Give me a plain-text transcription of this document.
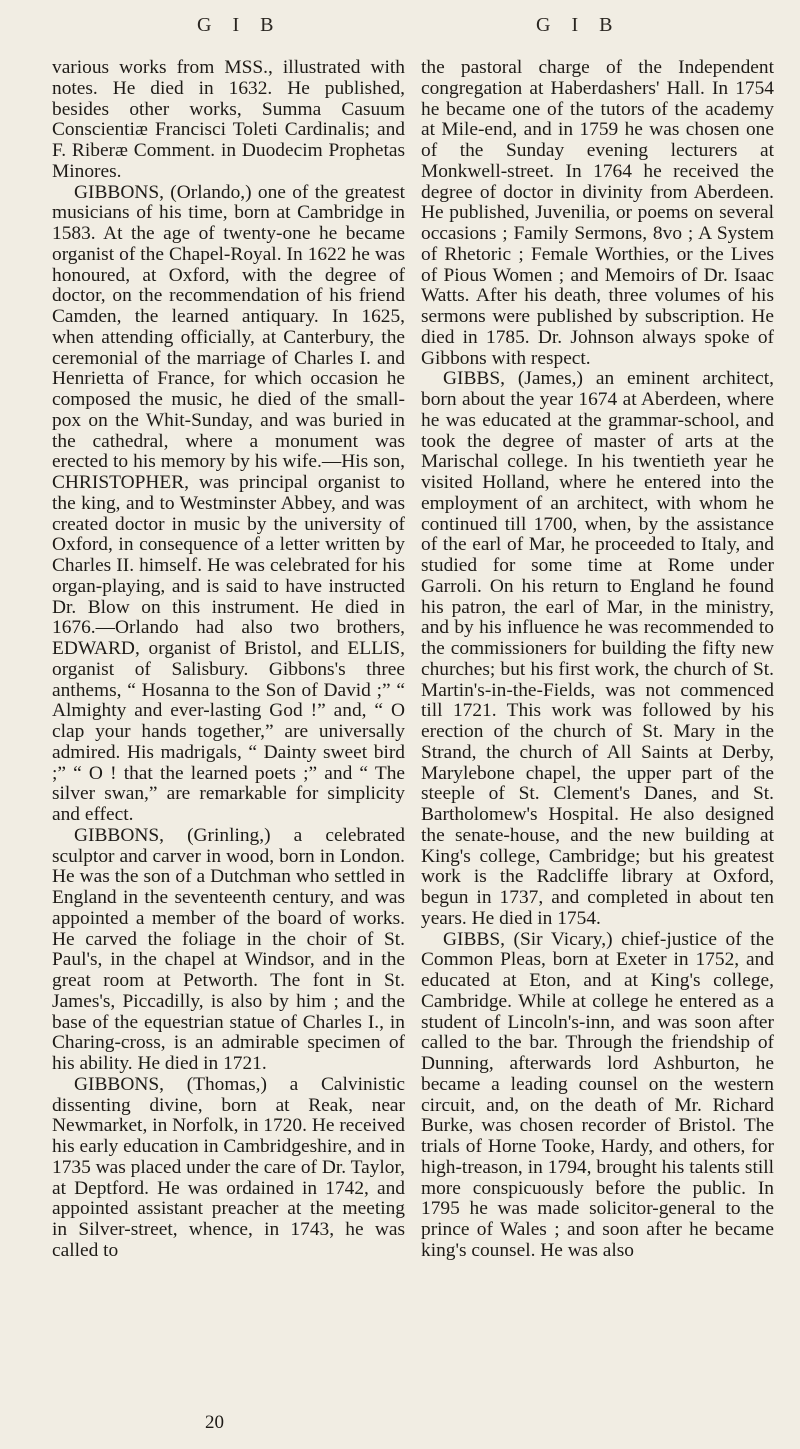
G I B	G I B

various works from MSS., illustrated with notes. He died in 1632. He published, besides other works, Summa Casuum Conscientiæ Francisci Toleti Cardinalis; and F. Riberæ Comment. in Duodecim Prophetas Minores.

GIBBONS, (Orlando,) one of the greatest musicians of his time, born at Cambridge in 1583. At the age of twenty-one he became organist of the Chapel-Royal. In 1622 he was honoured, at Oxford, with the degree of doctor, on the recommendation of his friend Camden, the learned antiquary. In 1625, when attending officially, at Canterbury, the ceremonial of the marriage of Charles I. and Henrietta of France, for which occasion he composed the music, he died of the small-pox on the Whit-Sunday, and was buried in the cathedral, where a monument was erected to his memory by his wife.—His son, CHRISTOPHER, was principal organist to the king, and to Westminster Abbey, and was created doctor in music by the university of Oxford, in consequence of a letter written by Charles II. himself. He was celebrated for his organ-playing, and is said to have instructed Dr. Blow on this instrument. He died in 1676.—Orlando had also two brothers, EDWARD, organist of Bristol, and ELLIS, organist of Salisbury. Gibbons's three anthems, “ Hosanna to the Son of David ;” “ Almighty and ever-lasting God !” and, “ O clap your hands together,” are universally admired. His madrigals, “ Dainty sweet bird ;” “ O ! that the learned poets ;” and “ The silver swan,” are remarkable for simplicity and effect.

GIBBONS, (Grinling,) a celebrated sculptor and carver in wood, born in London. He was the son of a Dutchman who settled in England in the seventeenth century, and was appointed a member of the board of works. He carved the foliage in the choir of St. Paul's, in the chapel at Windsor, and in the great room at Petworth. The font in St. James's, Piccadilly, is also by him ; and the base of the equestrian statue of Charles I., in Charing-cross, is an admirable specimen of his ability. He died in 1721.

GIBBONS, (Thomas,) a Calvinistic dissenting divine, born at Reak, near Newmarket, in Norfolk, in 1720. He received his early education in Cambridgeshire, and in 1735 was placed under the care of Dr. Taylor, at Deptford. He was ordained in 1742, and appointed assistant preacher at the meeting in Silver-street, whence, in 1743, he was called to

the pastoral charge of the Independent congregation at Haberdashers' Hall. In 1754 he became one of the tutors of the academy at Mile-end, and in 1759 he was chosen one of the Sunday evening lecturers at Monkwell-street. In 1764 he received the degree of doctor in divinity from Aberdeen. He published, Juvenilia, or poems on several occasions ; Family Sermons, 8vo ; A System of Rhetoric ; Female Worthies, or the Lives of Pious Women ; and Memoirs of Dr. Isaac Watts. After his death, three volumes of his sermons were published by subscription. He died in 1785. Dr. Johnson always spoke of Gibbons with respect.

GIBBS, (James,) an eminent architect, born about the year 1674 at Aberdeen, where he was educated at the grammar-school, and took the degree of master of arts at the Marischal college. In his twentieth year he visited Holland, where he entered into the employment of an architect, with whom he continued till 1700, when, by the assistance of the earl of Mar, he proceeded to Italy, and studied for some time at Rome under Garroli. On his return to England he found his patron, the earl of Mar, in the ministry, and by his influence he was recommended to the commissioners for building the fifty new churches; but his first work, the church of St. Martin's-in-the-Fields, was not commenced till 1721. This work was followed by his erection of the church of St. Mary in the Strand, the church of All Saints at Derby, Marylebone chapel, the upper part of the steeple of St. Clement's Danes, and St. Bartholomew's Hospital. He also designed the senate-house, and the new building at King's college, Cambridge; but his greatest work is the Radcliffe library at Oxford, begun in 1737, and completed in about ten years. He died in 1754.

GIBBS, (Sir Vicary,) chief-justice of the Common Pleas, born at Exeter in 1752, and educated at Eton, and at King's college, Cambridge. While at college he entered as a student of Lincoln's-inn, and was soon after called to the bar. Through the friendship of Dunning, afterwards lord Ashburton, he became a leading counsel on the western circuit, and, on the death of Mr. Richard Burke, was chosen recorder of Bristol. The trials of Horne Tooke, Hardy, and others, for high-treason, in 1794, brought his talents still more conspicuously before the public. In 1795 he was made solicitor-general to the prince of Wales ; and soon after he became king's counsel. He was also

20
